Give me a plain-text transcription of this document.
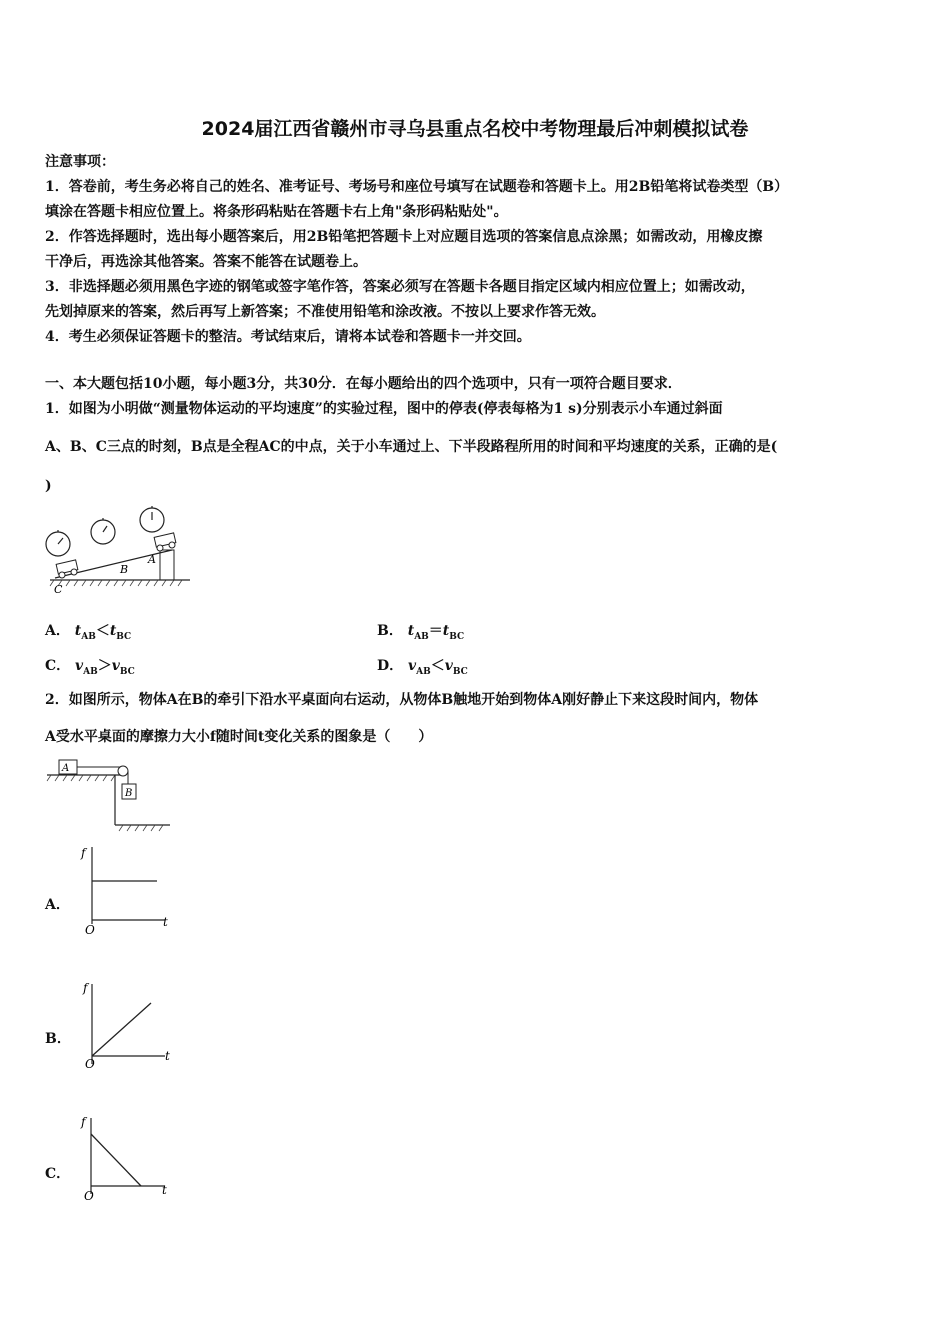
2024届江西省赣州市寻乌县重点名校中考物理最后冲刺模拟试卷
注意事项：
1．答卷前，考生务必将自己的姓名、准考证号、考场号和座位号填写在试题卷和答题卡上。用2B铅笔将试卷类型（B）
填涂在答题卡相应位置上。将条形码粘贴在答题卡右上角"条形码粘贴处"。
2．作答选择题时，选出每小题答案后，用2B铅笔把答题卡上对应题目选项的答案信息点涂黑；如需改动，用橡皮擦
干净后，再选涂其他答案。答案不能答在试题卷上。
3．非选择题必须用黑色字迹的钢笔或签字笔作答，答案必须写在答题卡各题目指定区域内相应位置上；如需改动，
先划掉原来的答案，然后再写上新答案；不准使用铅笔和涂改液。不按以上要求作答无效。
4．考生必须保证答题卡的整洁。考试结束后，请将本试卷和答题卡一并交回。
一、本大题包括10小题，每小题3分，共30分．在每小题给出的四个选项中，只有一项符合题目要求．
1．如图为小明做“测量物体运动的平均速度”的实验过程，图中的停表(停表每格为1 s)分别表示小车通过斜面
A、B、C三点的时刻，B点是全程AC的中点，关于小车通过上、下半段路程所用的时间和平均速度的关系，正确的是(
)
B
A
C
A． $t_{AB}<t_{BC}$	B． $t_{AB}=t_{BC}$
C． $v_{AB}>v_{BC}$	D． $v_{AB}<v_{BC}$
2．如图所示，物体A在B的牵引下沿水平桌面向右运动，从物体B触地开始到物体A刚好静止下来这段时间内，物体
A受水平桌面的摩擦力大小f随时间t变化关系的图象是（　　）
A
B
A．
f
t
O
B．
f
t
O
C．
f
t
O
